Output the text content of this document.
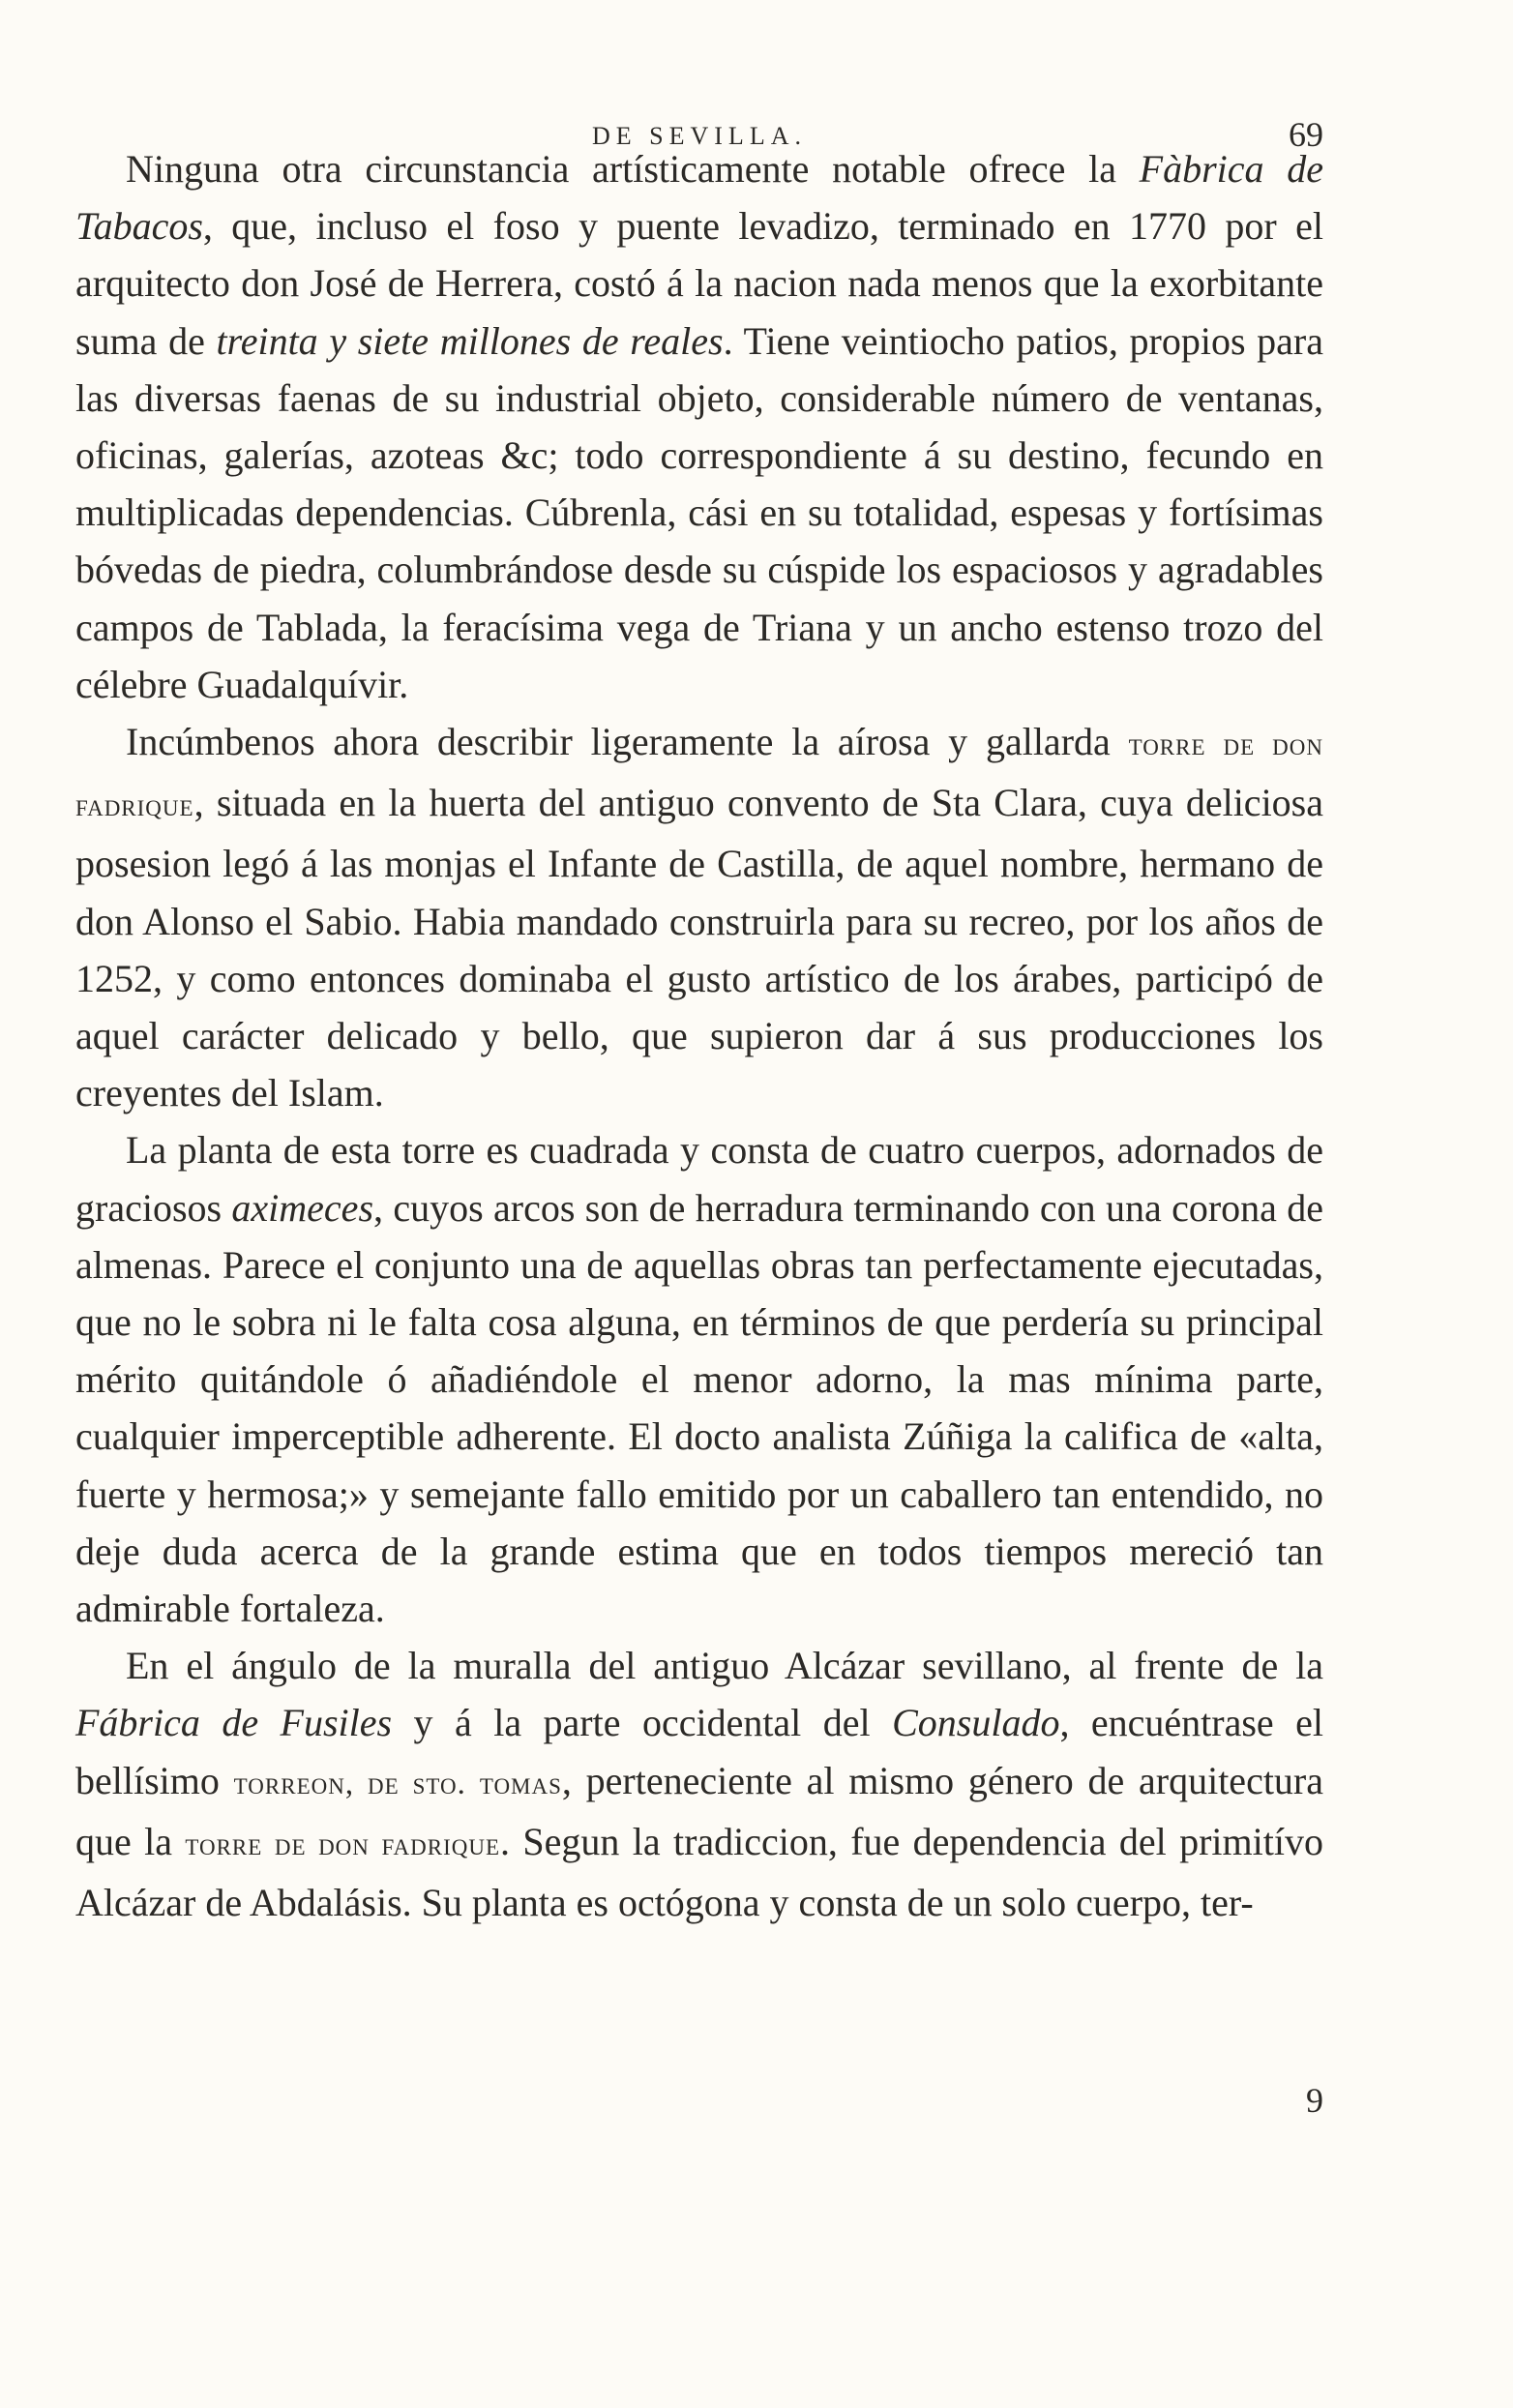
DE SEVILLA.	69

Ninguna otra circunstancia artísticamente notable ofrece la Fàbrica de Tabacos, que, incluso el foso y puente levadizo, terminado en 1770 por el arquitecto don José de Herrera, costó á la nacion nada menos que la exorbitante suma de treinta y siete millones de reales. Tiene veintiocho patios, propios para las diversas faenas de su industrial objeto, considerable número de ventanas, oficinas, galerías, azoteas &c; todo correspondiente á su destino, fecundo en multiplicadas dependencias. Cúbrenla, cási en su totalidad, espesas y fortísimas bóvedas de piedra, columbrándose desde su cúspide los espaciosos y agradables campos de Tablada, la feracísima vega de Triana y un ancho estenso trozo del célebre Guadalquívir.

Incúmbenos ahora describir ligeramente la aírosa y gallarda torre de don fadrique, situada en la huerta del antiguo convento de Sta Clara, cuya deliciosa posesion legó á las monjas el Infante de Castilla, de aquel nombre, hermano de don Alonso el Sabio. Habia mandado construirla para su recreo, por los años de 1252, y como entonces dominaba el gusto artístico de los árabes, participó de aquel carácter delicado y bello, que supieron dar á sus producciones los creyentes del Islam.

La planta de esta torre es cuadrada y consta de cuatro cuerpos, adornados de graciosos aximeces, cuyos arcos son de herradura terminando con una corona de almenas. Parece el conjunto una de aquellas obras tan perfectamente ejecutadas, que no le sobra ni le falta cosa alguna, en términos de que perdería su principal mérito quitándole ó añadiéndole el menor adorno, la mas mínima parte, cualquier imperceptible adherente. El docto analista Zúñiga la califica de «alta, fuerte y hermosa;» y semejante fallo emitido por un caballero tan entendido, no deje duda acerca de la grande estima que en todos tiempos mereció tan admirable fortaleza.

En el ángulo de la muralla del antiguo Alcázar sevillano, al frente de la Fábrica de Fusiles y á la parte occidental del Consulado, encuéntrase el bellísimo torreon, de sto. tomas, perteneciente al mismo género de arquitectura que la torre de don fadrique. Segun la tradiccion, fue dependencia del primitívo Alcázar de Abdalásis. Su planta es octógona y consta de un solo cuerpo, ter-

9
